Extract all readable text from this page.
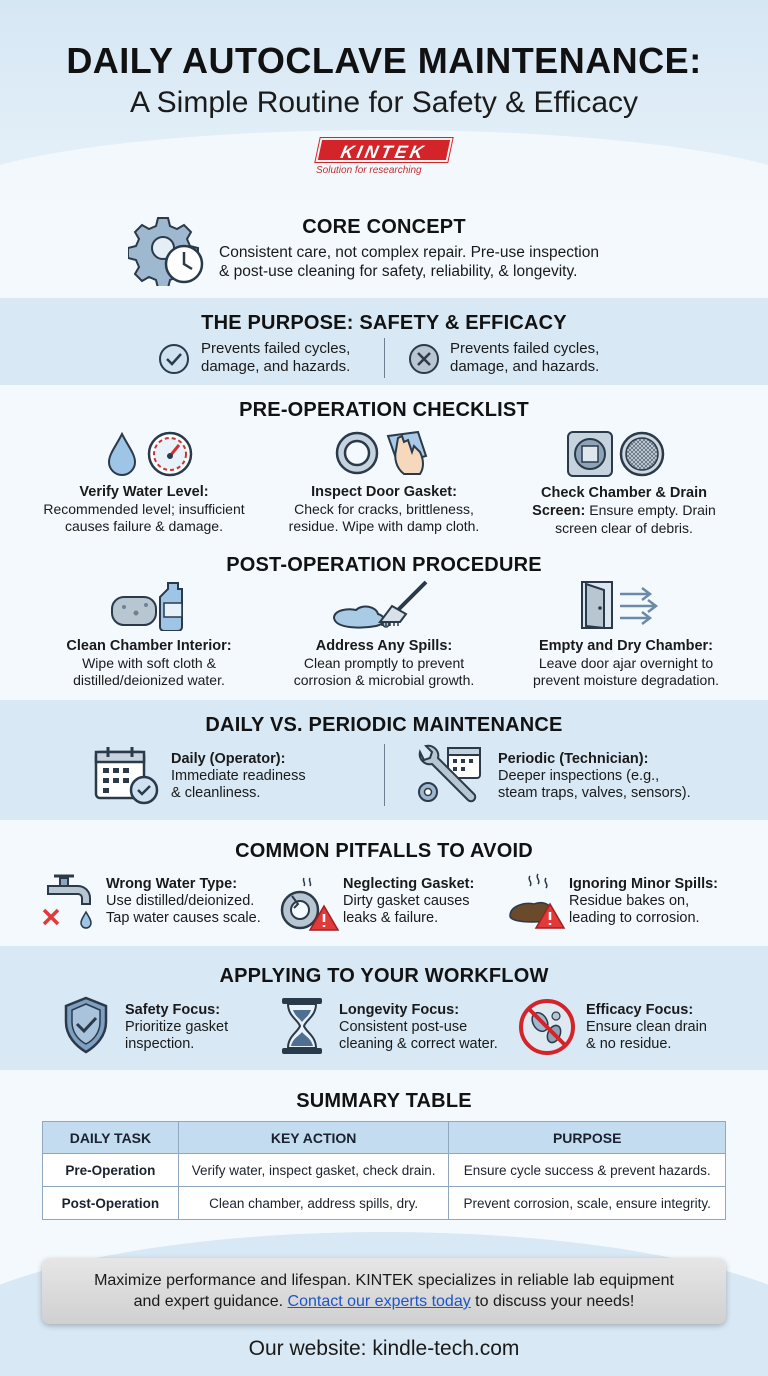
DAILY AUTOCLAVE MAINTENANCE:
A Simple Routine for Safety & Efficacy
KINTEK
Solution for researching
CORE CONCEPT
Consistent care, not complex repair. Pre-use inspection
& post-use cleaning for safety, reliability, & longevity.
THE PURPOSE: SAFETY & EFFICACY
Prevents failed cycles,
damage, and hazards.
Prevents failed cycles,
damage, and hazards.
PRE-OPERATION CHECKLIST
Verify Water Level:
Recommended level; insufficient
causes failure & damage.
Inspect Door Gasket:
Check for cracks, brittleness,
residue. Wipe with damp cloth.
Check Chamber & Drain
Screen: Ensure empty. Drain
screen clear of debris.
POST-OPERATION PROCEDURE
Clean Chamber Interior:
Wipe with soft cloth &
distilled/deionized water.
Address Any Spills:
Clean promptly to prevent
corrosion & microbial growth.
Empty and Dry Chamber:
Leave door ajar overnight to
prevent moisture degradation.
DAILY VS. PERIODIC MAINTENANCE
Daily (Operator):
Immediate readiness
& cleanliness.
Periodic (Technician):
Deeper inspections (e.g.,
steam traps, valves, sensors).
COMMON PITFALLS TO AVOID
Wrong Water Type:
Use distilled/deionized.
Tap water causes scale.
Neglecting Gasket:
Dirty gasket causes
leaks & failure.
Ignoring Minor Spills:
Residue bakes on,
leading to corrosion.
APPLYING TO YOUR WORKFLOW
Safety Focus:
Prioritize gasket
inspection.
Longevity Focus:
Consistent post-use
cleaning & correct water.
Efficacy Focus:
Ensure clean drain
& no residue.
SUMMARY TABLE
DAILY TASK	KEY ACTION	PURPOSE
Pre-Operation	Verify water, inspect gasket, check drain.	Ensure cycle success & prevent hazards.
Post-Operation	Clean chamber, address spills, dry.	Prevent corrosion, scale, ensure integrity.
Maximize performance and lifespan. KINTEK specializes in reliable lab equipment
and expert guidance. Contact our experts today to discuss your needs!
Our website: kindle-tech.com
